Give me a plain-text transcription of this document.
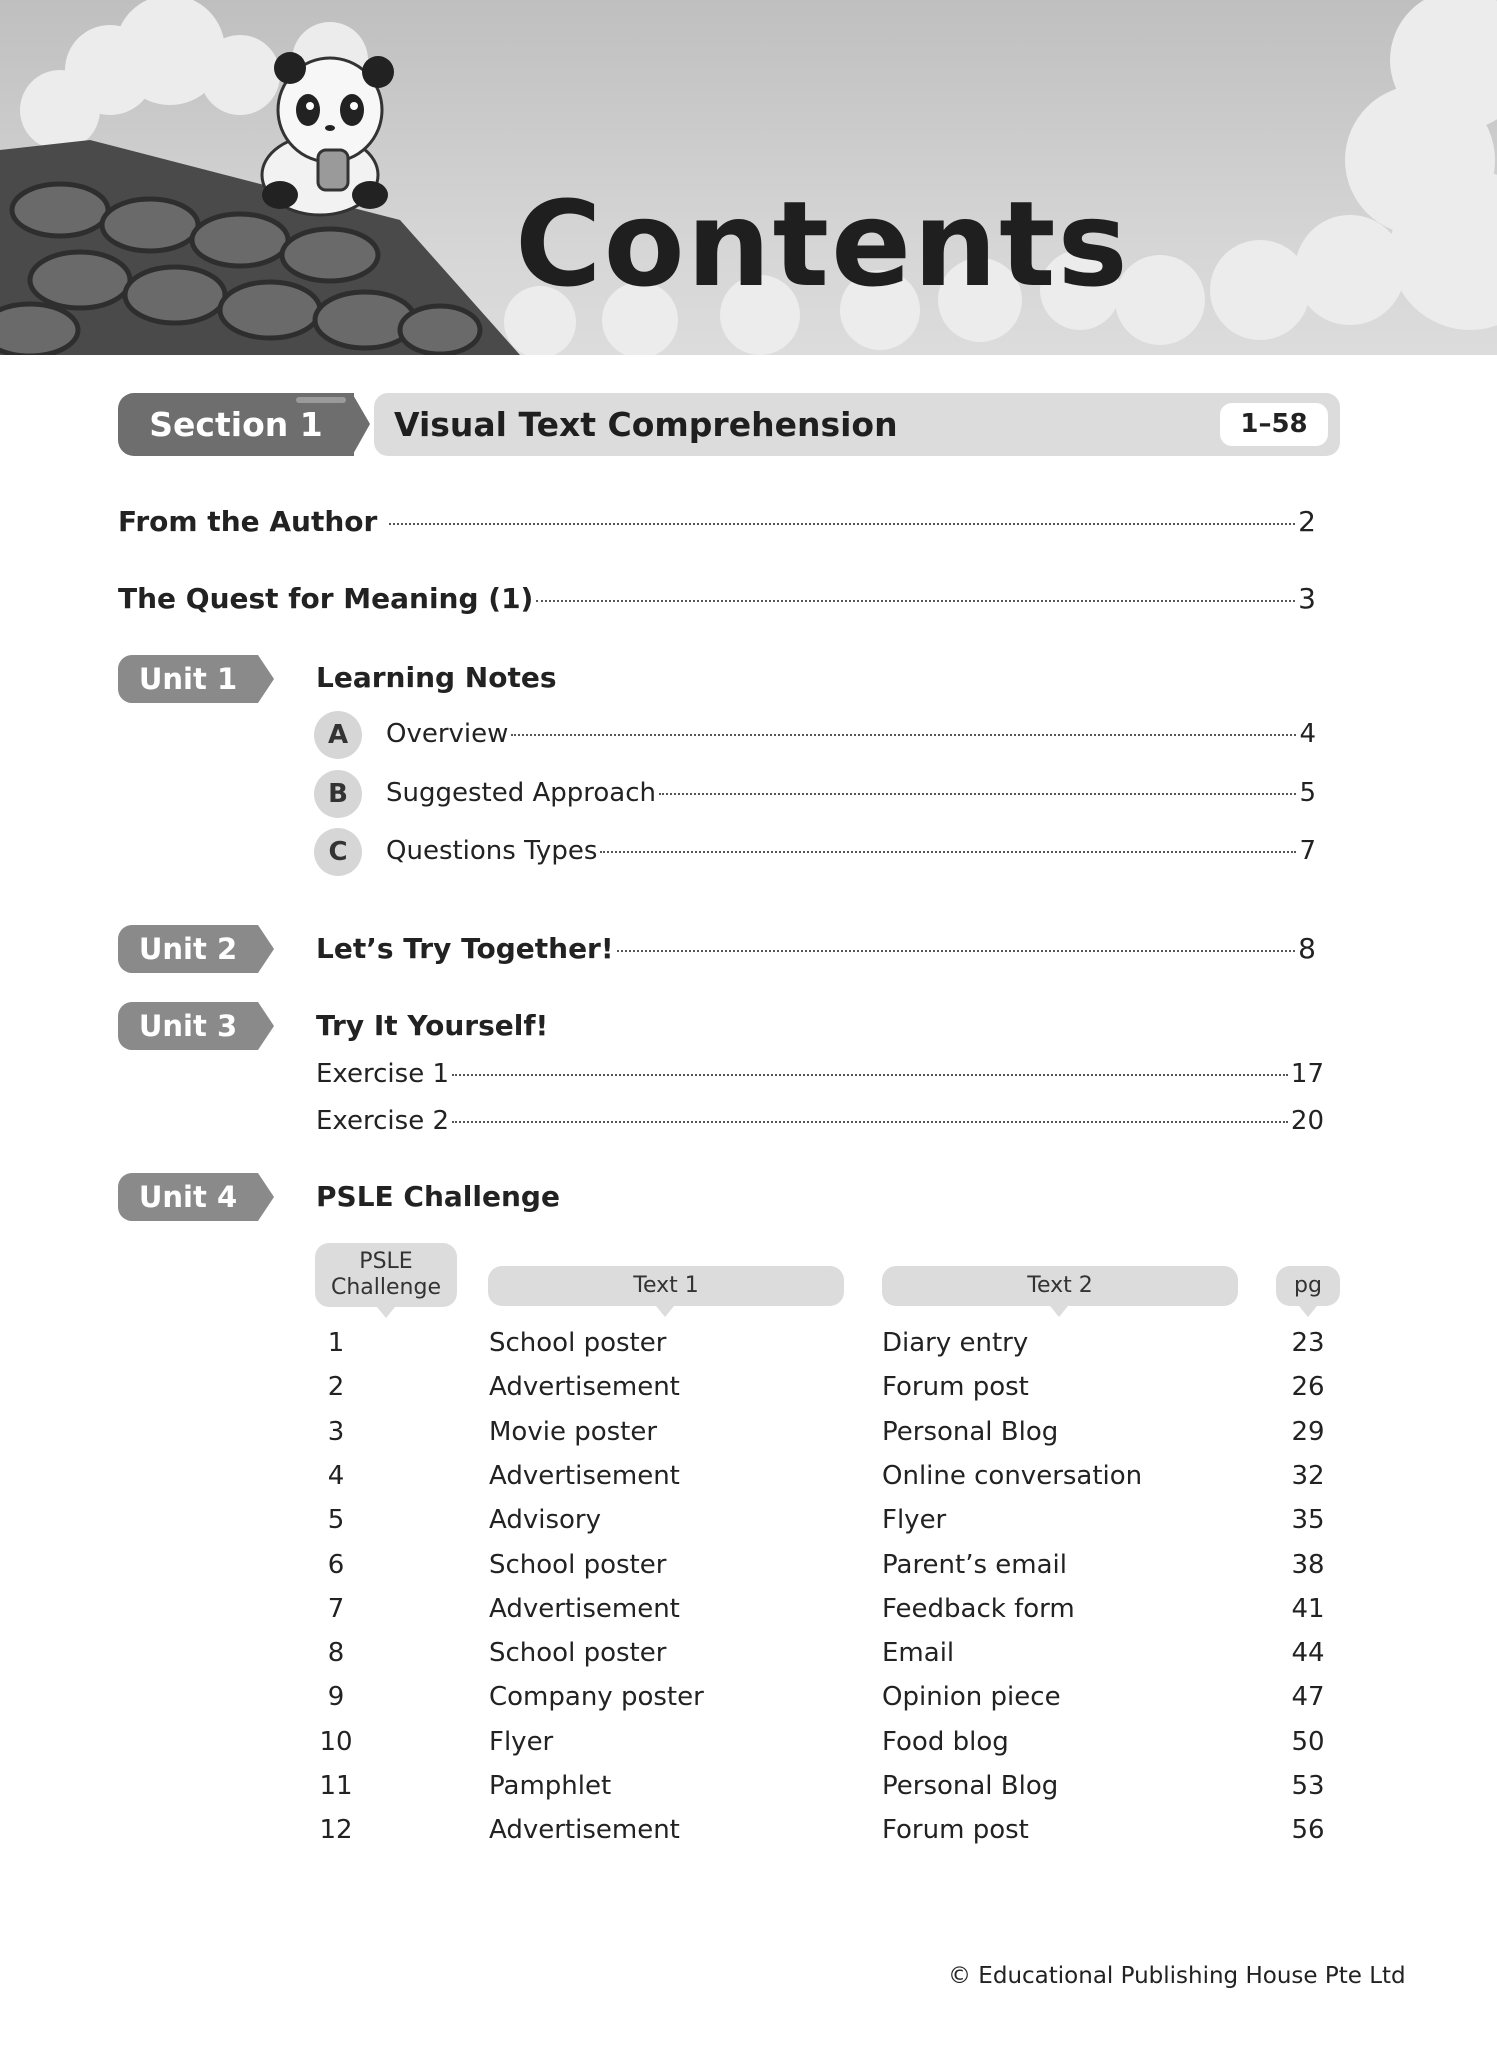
Contents
Section 1	Visual Text Comprehension	1–58
From the Author	2
The Quest for Meaning (1)	3
Unit 1	Learning Notes
A	Overview	4
B	Suggested Approach	5
C	Questions Types	7
Unit 2	Let’s Try Together!	8
Unit 3	Try It Yourself!
Exercise 1	17
Exercise 2	20
Unit 4	PSLE Challenge
PSLE
Challenge	Text 1	Text 2	pg
1	School poster	Diary entry	23
2	Advertisement	Forum post	26
3	Movie poster	Personal Blog	29
4	Advertisement	Online conversation	32
5	Advisory	Flyer	35
6	School poster	Parent’s email	38
7	Advertisement	Feedback form	41
8	School poster	Email	44
9	Company poster	Opinion piece	47
10	Flyer	Food blog	50
11	Pamphlet	Personal Blog	53
12	Advertisement	Forum post	56
© Educational Publishing House Pte Ltd
